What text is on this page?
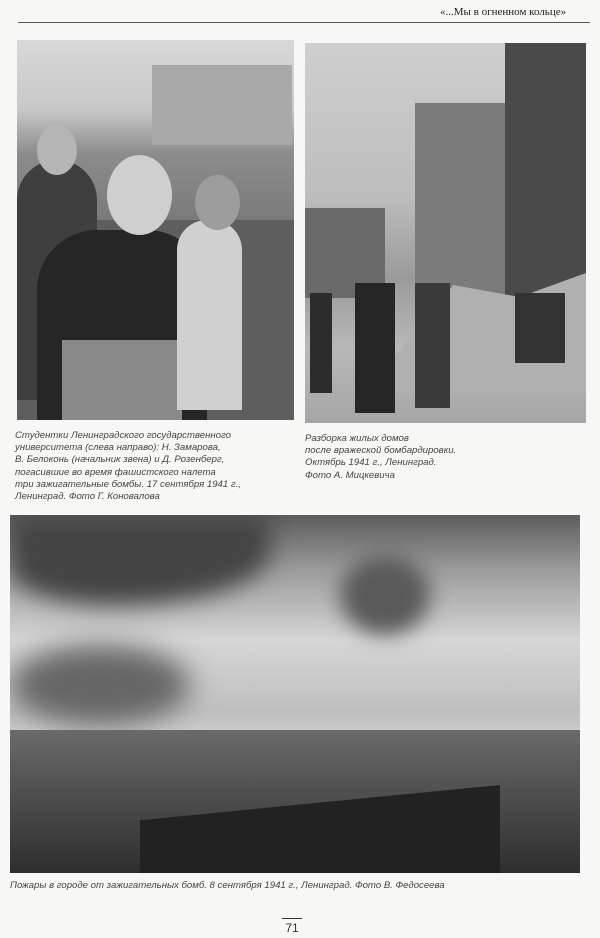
«...Мы в огненном кольце»
Студентки Ленинградского государственного
университета (слева направо): Н. Замарова,
В. Белоконь (начальник звена) и Д. Розенберг,
погасившие во время фашистского налета
три зажигательные бомбы. 17 сентября 1941 г.,
Ленинград. Фото Г. Коновалова
Разборка жилых домов
после вражеской бомбардировки.
Октябрь 1941 г., Ленинград.
Фото А. Мицкевича
Пожары в городе от зажигательных бомб. 8 сентября 1941 г., Ленинград. Фото В. Федосеева
71
